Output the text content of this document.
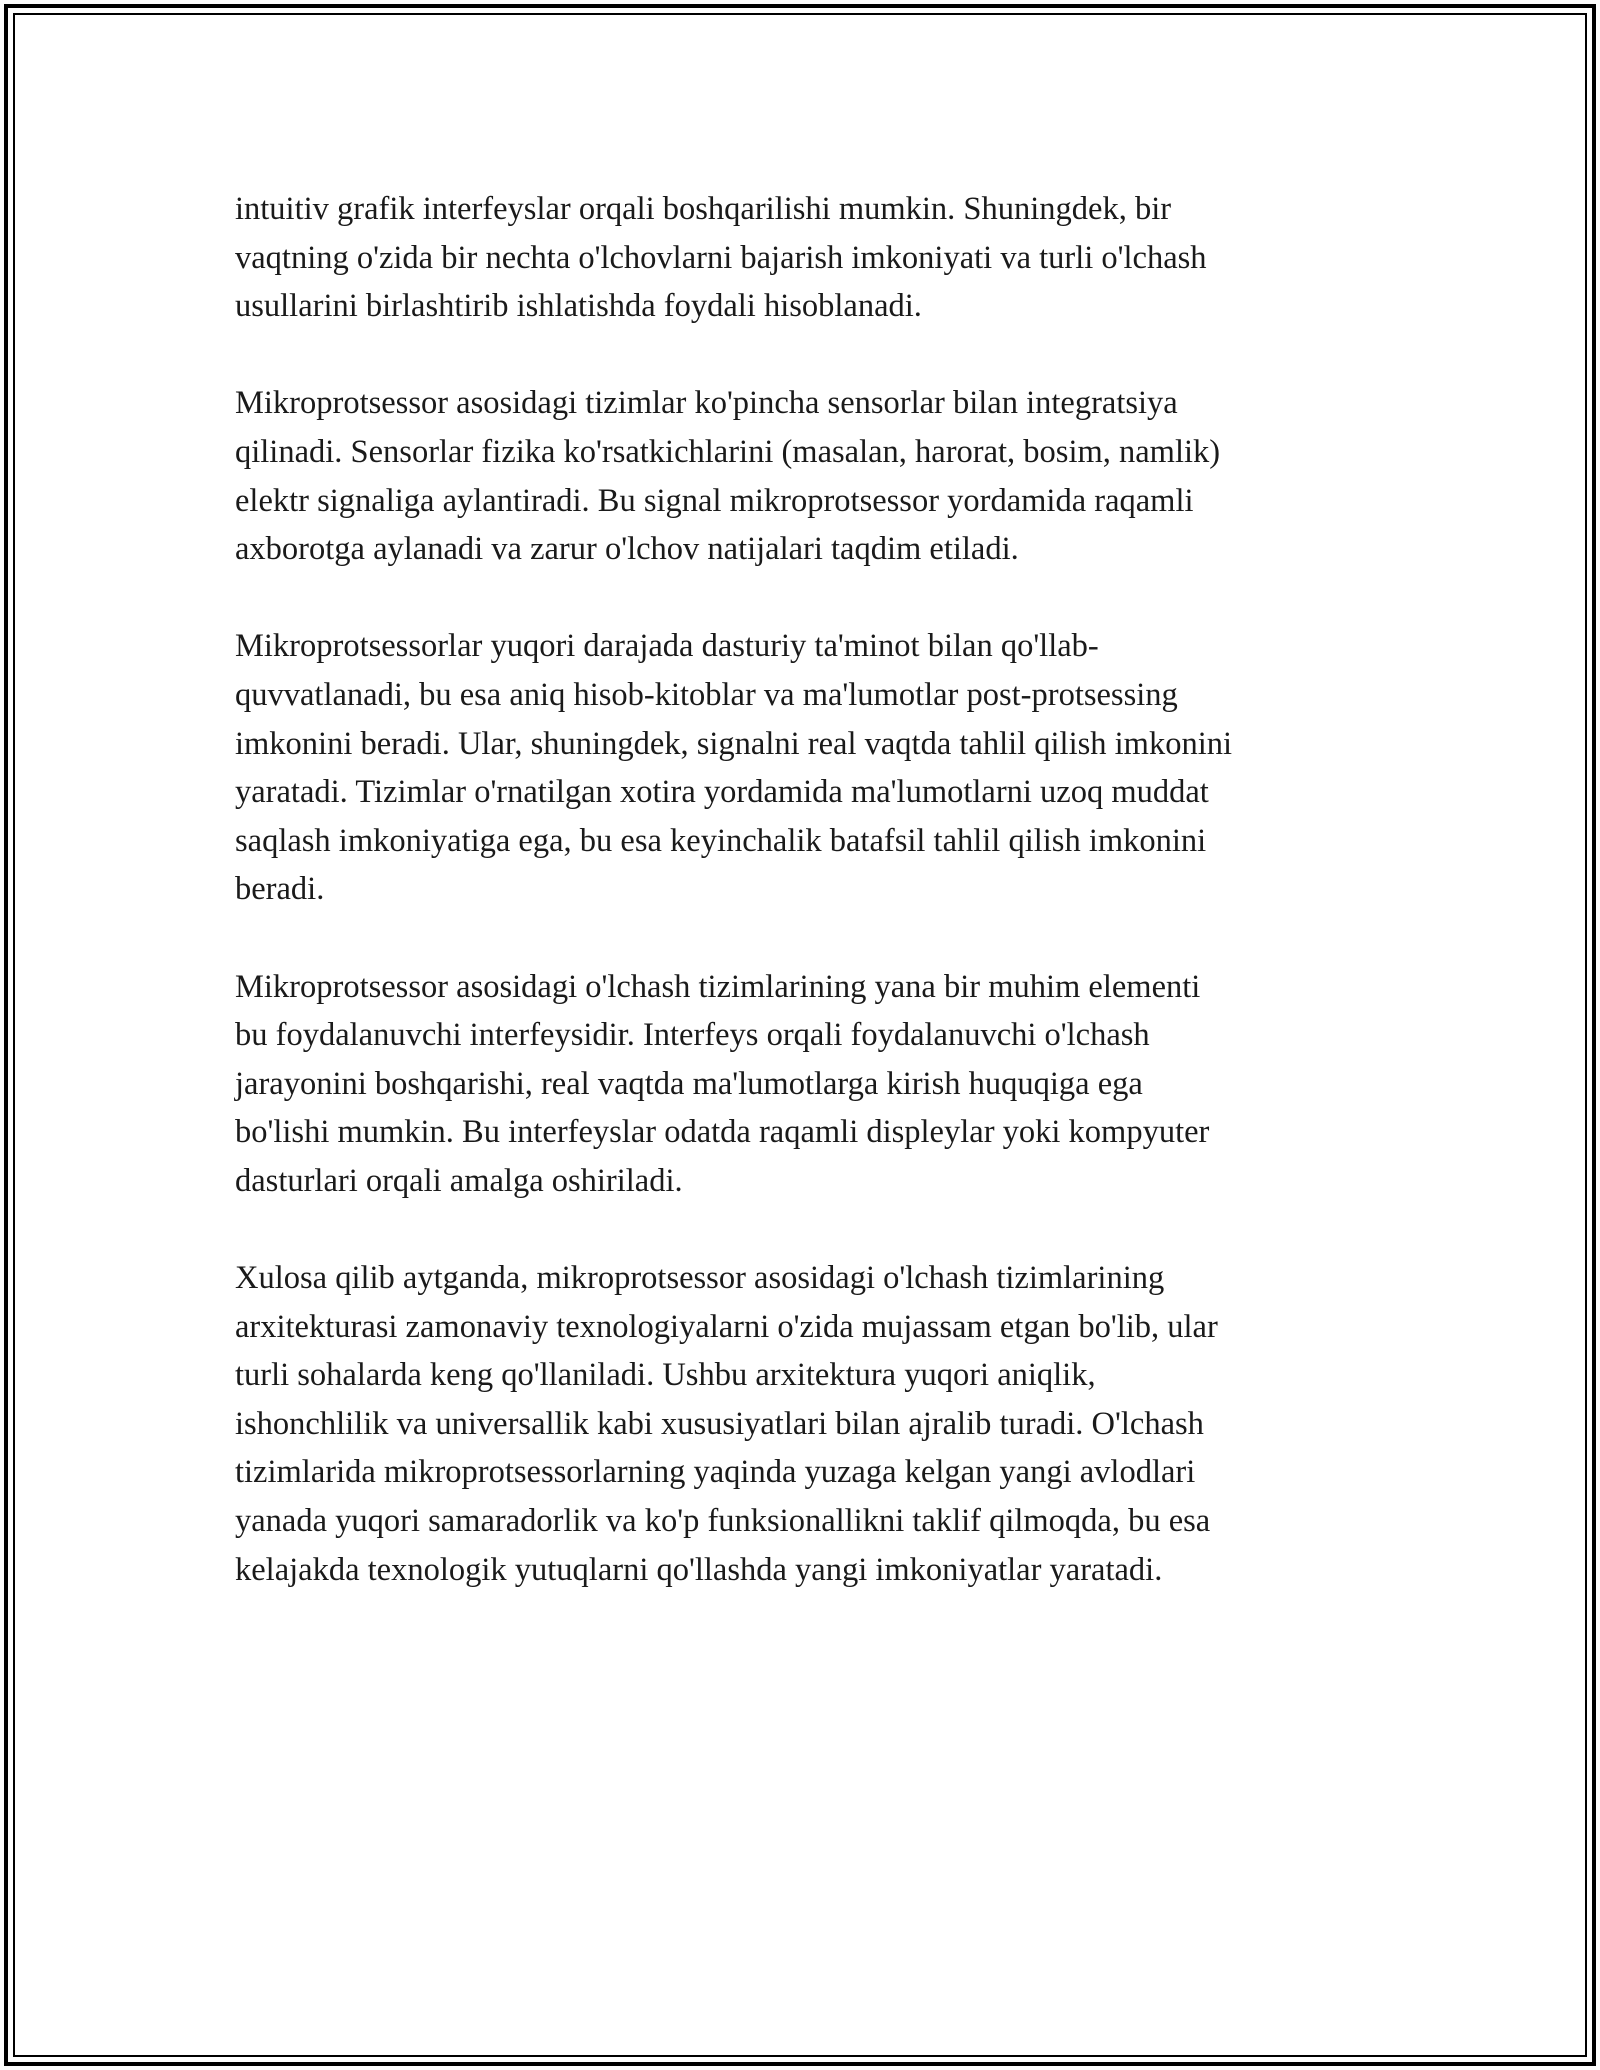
intuitiv grafik interfeyslar orqali boshqarilishi mumkin. Shuningdek, bir
vaqtning o'zida bir nechta o'lchovlarni bajarish imkoniyati va turli o'lchash
usullarini birlashtirib ishlatishda foydali hisoblanadi.

Mikroprotsessor asosidagi tizimlar ko'pincha sensorlar bilan integratsiya
qilinadi. Sensorlar fizika ko'rsatkichlarini (masalan, harorat, bosim, namlik)
elektr signaliga aylantiradi. Bu signal mikroprotsessor yordamida raqamli
axborotga aylanadi va zarur o'lchov natijalari taqdim etiladi.

Mikroprotsessorlar yuqori darajada dasturiy ta'minot bilan qo'llab-
quvvatlanadi, bu esa aniq hisob-kitoblar va ma'lumotlar post-protsessing
imkonini beradi. Ular, shuningdek, signalni real vaqtda tahlil qilish imkonini
yaratadi. Tizimlar o'rnatilgan xotira yordamida ma'lumotlarni uzoq muddat
saqlash imkoniyatiga ega, bu esa keyinchalik batafsil tahlil qilish imkonini
beradi.

Mikroprotsessor asosidagi o'lchash tizimlarining yana bir muhim elementi
bu foydalanuvchi interfeysidir. Interfeys orqali foydalanuvchi o'lchash
jarayonini boshqarishi, real vaqtda ma'lumotlarga kirish huquqiga ega
bo'lishi mumkin. Bu interfeyslar odatda raqamli displeylar yoki kompyuter
dasturlari orqali amalga oshiriladi.

Xulosa qilib aytganda, mikroprotsessor asosidagi o'lchash tizimlarining
arxitekturasi zamonaviy texnologiyalarni o'zida mujassam etgan bo'lib, ular
turli sohalarda keng qo'llaniladi. Ushbu arxitektura yuqori aniqlik,
ishonchlilik va universallik kabi xususiyatlari bilan ajralib turadi. O'lchash
tizimlarida mikroprotsessorlarning yaqinda yuzaga kelgan yangi avlodlari
yanada yuqori samaradorlik va ko'p funksionallikni taklif qilmoqda, bu esa
kelajakda texnologik yutuqlarni qo'llashda yangi imkoniyatlar yaratadi.
